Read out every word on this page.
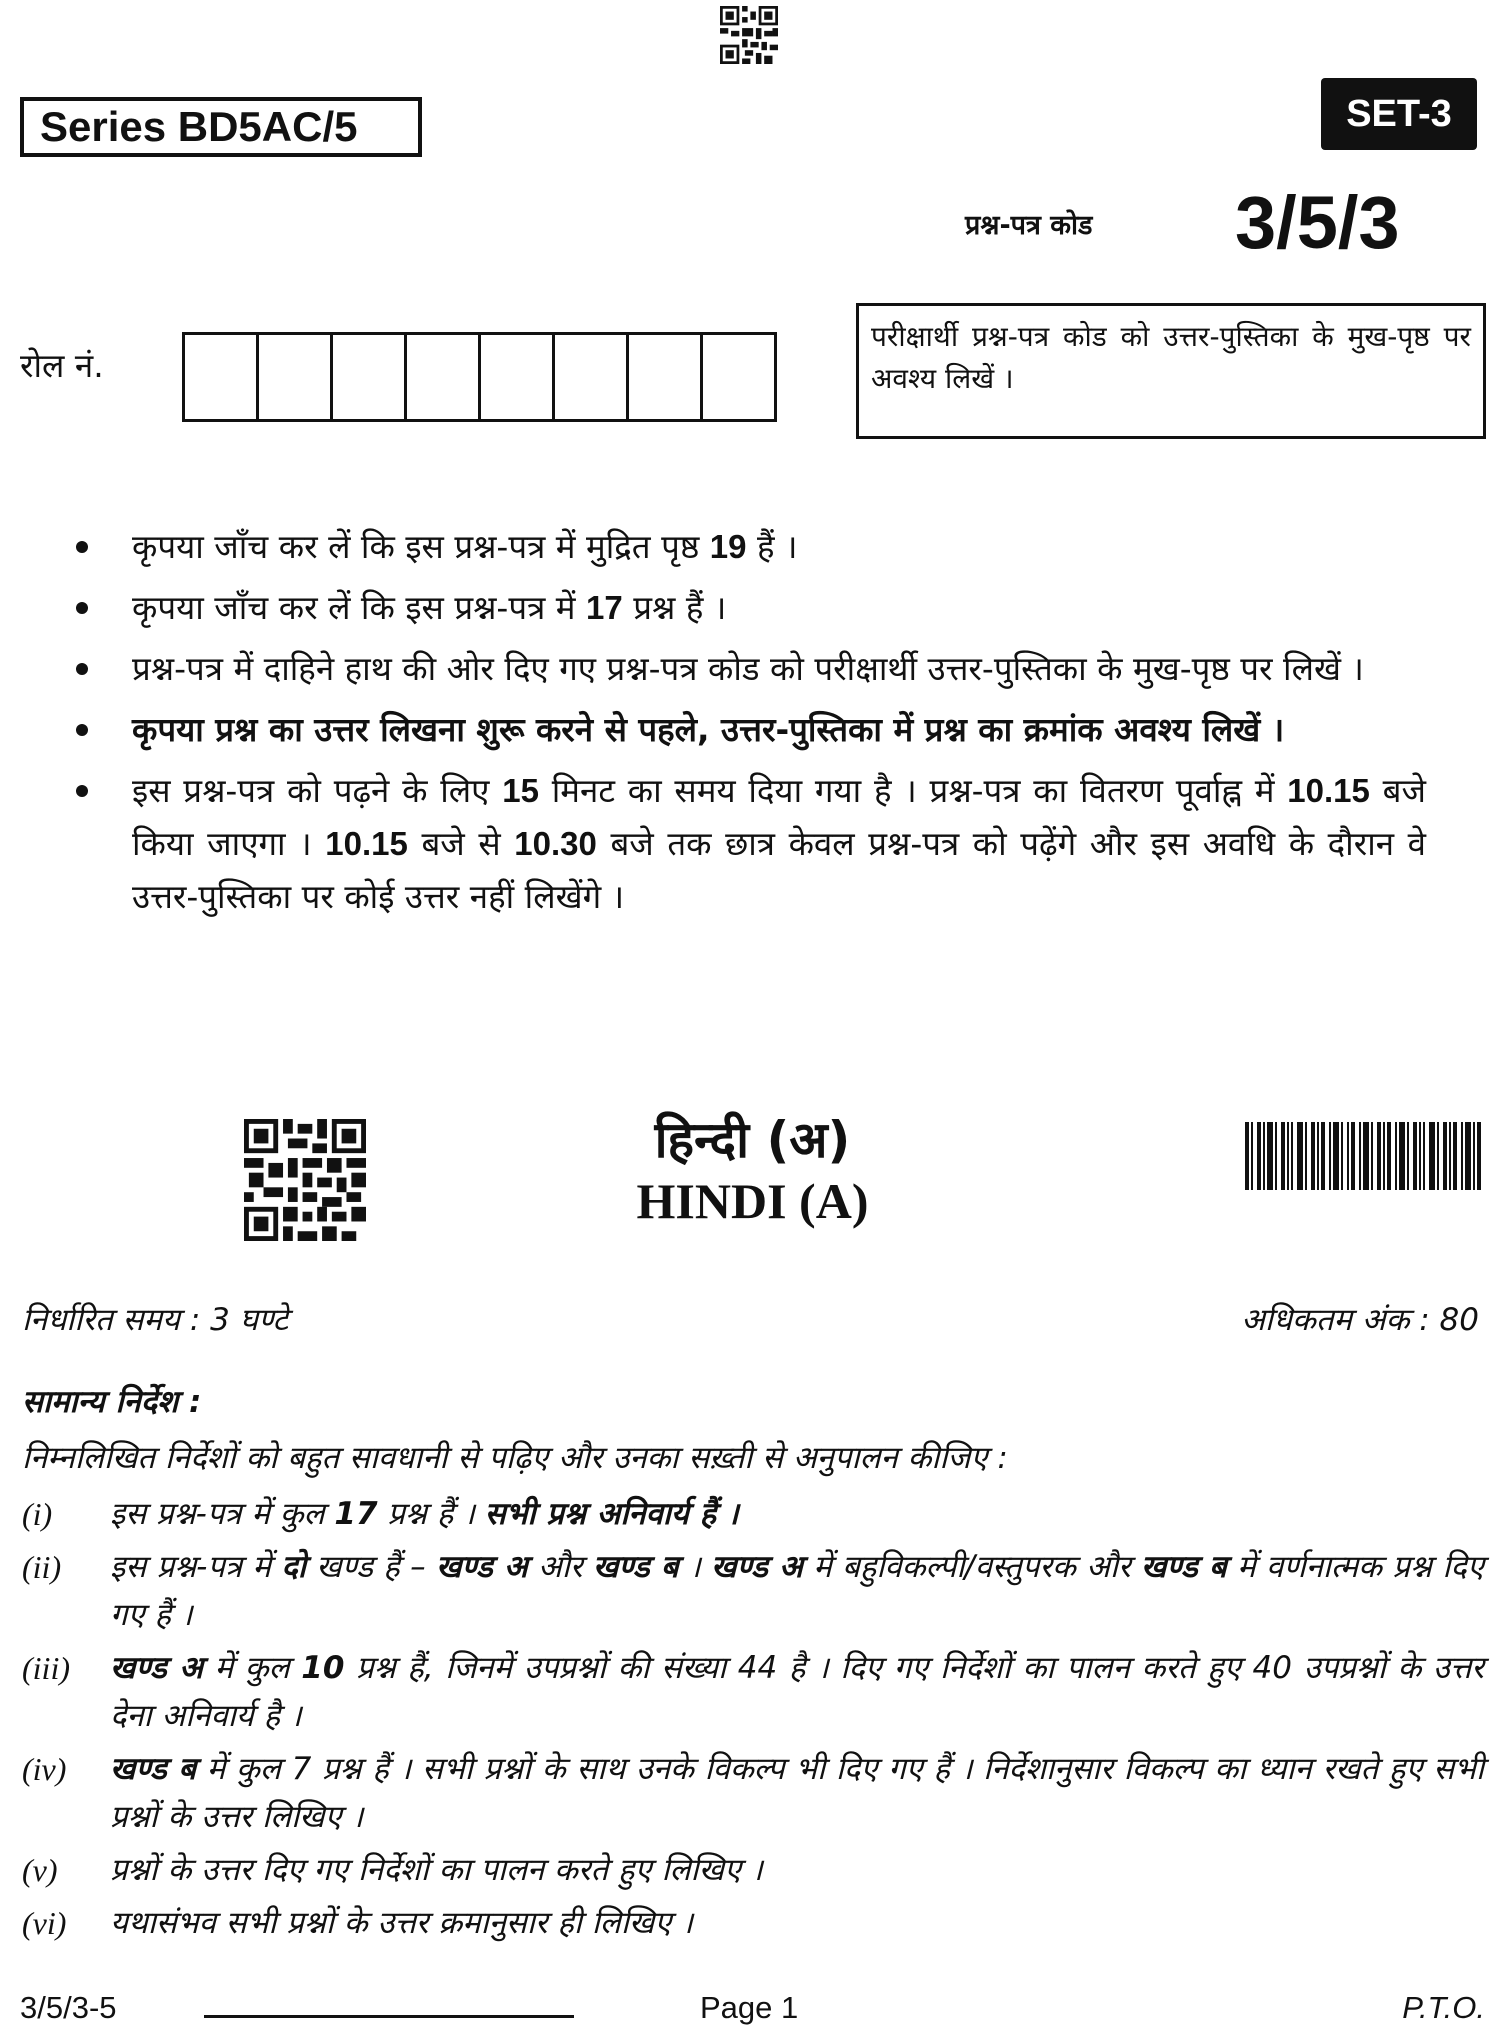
Series BD5AC/5	SET-3
प्रश्न-पत्र कोड 3/5/3
रोल नं.
परीक्षार्थी प्रश्न-पत्र कोड को उत्तर-पुस्तिका के मुख-पृष्ठ पर अवश्य लिखें ।
कृपया जाँच कर लें कि इस प्रश्न-पत्र में मुद्रित पृष्ठ 19 हैं ।
कृपया जाँच कर लें कि इस प्रश्न-पत्र में 17 प्रश्न हैं ।
प्रश्न-पत्र में दाहिने हाथ की ओर दिए गए प्रश्न-पत्र कोड को परीक्षार्थी उत्तर-पुस्तिका के मुख-पृष्ठ पर लिखें ।
कृपया प्रश्न का उत्तर लिखना शुरू करने से पहले, उत्तर-पुस्तिका में प्रश्न का क्रमांक अवश्य लिखें ।
इस प्रश्न-पत्र को पढ़ने के लिए 15 मिनट का समय दिया गया है । प्रश्न-पत्र का वितरण पूर्वाह्न में 10.15 बजे किया जाएगा । 10.15 बजे से 10.30 बजे तक छात्र केवल प्रश्न-पत्र को पढ़ेंगे और इस अवधि के दौरान वे उत्तर-पुस्तिका पर कोई उत्तर नहीं लिखेंगे ।
हिन्दी (अ)
HINDI (A)
निर्धारित समय : 3 घण्टे	अधिकतम अंक : 80
सामान्य निर्देश :
निम्नलिखित निर्देशों को बहुत सावधानी से पढ़िए और उनका सख़्ती से अनुपालन कीजिए :
(i) इस प्रश्न-पत्र में कुल 17 प्रश्न हैं । सभी प्रश्न अनिवार्य हैं ।
(ii) इस प्रश्न-पत्र में दो खण्ड हैं – खण्ड अ और खण्ड ब । खण्ड अ में बहुविकल्पी/वस्तुपरक और खण्ड ब में वर्णनात्मक प्रश्न दिए गए हैं ।
(iii) खण्ड अ में कुल 10 प्रश्न हैं, जिनमें उपप्रश्नों की संख्या 44 है । दिए गए निर्देशों का पालन करते हुए 40 उपप्रश्नों के उत्तर देना अनिवार्य है ।
(iv) खण्ड ब में कुल 7 प्रश्न हैं । सभी प्रश्नों के साथ उनके विकल्प भी दिए गए हैं । निर्देशानुसार विकल्प का ध्यान रखते हुए सभी प्रश्नों के उत्तर लिखिए ।
(v) प्रश्नों के उत्तर दिए गए निर्देशों का पालन करते हुए लिखिए ।
(vi) यथासंभव सभी प्रश्नों के उत्तर क्रमानुसार ही लिखिए ।
3/5/3-5	Page 1	P.T.O.
